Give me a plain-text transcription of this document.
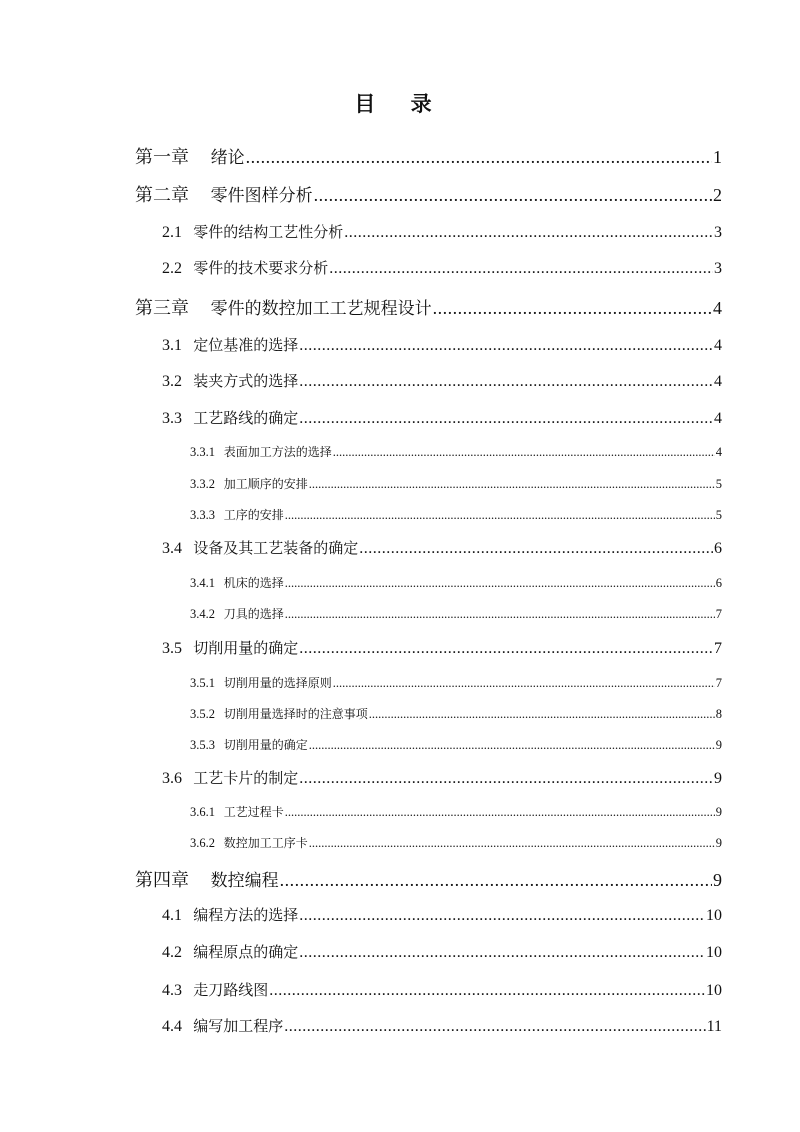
目 录
第一章 绪论 .....	1
第二章 零件图样分析 .....	2
2.1 零件的结构工艺性分析 .....	3
2.2 零件的技术要求分析 .....	3
第三章 零件的数控加工工艺规程设计 .....	4
3.1 定位基准的选择 .....	4
3.2 装夹方式的选择 .....	4
3.3 工艺路线的确定 .....	4
3.3.1 表面加工方法的选择 .....	4
3.3.2 加工顺序的安排 .....	5
3.3.3 工序的安排 .....	5
3.4 设备及其工艺装备的确定 .....	6
3.4.1 机床的选择 .....	6
3.4.2 刀具的选择 .....	7
3.5 切削用量的确定 .....	7
3.5.1 切削用量的选择原则 .....	7
3.5.2 切削用量选择时的注意事项 .....	8
3.5.3 切削用量的确定 .....	9
3.6 工艺卡片的制定 .....	9
3.6.1 工艺过程卡 .....	9
3.6.2 数控加工工序卡 .....	9
第四章 数控编程 .....	9
4.1 编程方法的选择 .....	10
4.2 编程原点的确定 .....	10
4.3 走刀路线图 .....	10
4.4 编写加工程序 .....	11
